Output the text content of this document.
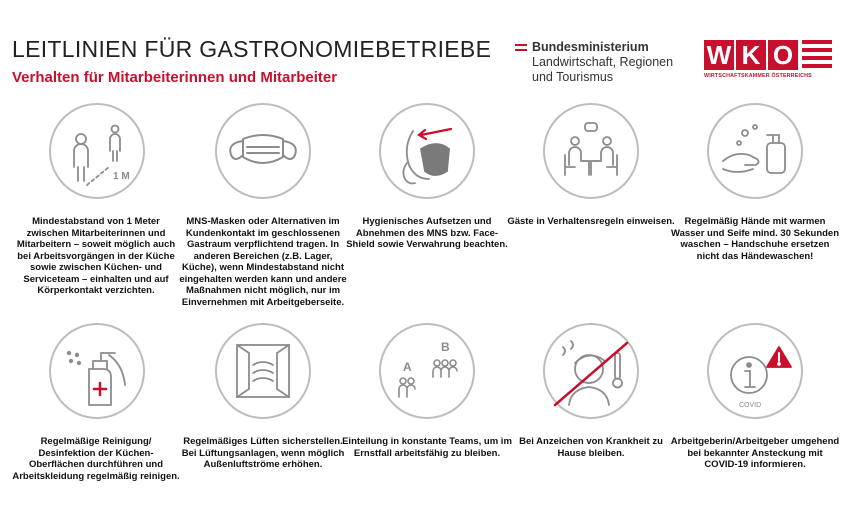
LEITLINIEN FÜR GASTRONOMIEBETRIEBE
Verhalten für Mitarbeiterinnen und Mitarbeiter
Bundesministerium
Landwirtschaft, Regionen
und Tourismus
W K O
WIRTSCHAFTSKAMMER ÖSTERREICHS
1 M
A
B
COVID
Mindestabstand von 1 Meter zwischen Mitarbeiterinnen und Mitarbeitern – soweit möglich auch bei Arbeitsvorgängen in der Küche sowie zwischen Küchen- und Serviceteam – einhalten und auf Körperkontakt verzichten.
MNS-Masken oder Alternativen im Kundenkontakt im geschlossenen Gastraum verpflichtend tragen. In anderen Bereichen (z.B. Lager, Küche), wenn Mindestabstand nicht eingehalten werden kann und andere Maßnahmen nicht möglich, nur im Einvernehmen mit Arbeitgeberseite.
Hygienisches Aufsetzen und Abnehmen des MNS bzw. Face-Shield sowie Verwahrung beachten.
Gäste in Verhaltensregeln einweisen.	Regelmäßig Hände mit warmen Wasser und Seife mind. 30 Sekunden waschen – Handschuhe ersetzen nicht das Händewaschen!
Regelmäßige Reinigung/ Desinfektion der Küchen-Oberflächen durchführen und Arbeitskleidung regelmäßig reinigen.
Regelmäßiges Lüften sicherstellen. Bei Lüftungsanlagen, wenn möglich Außenluftströme erhöhen.
Einteilung in konstante Teams, um im Ernstfall arbeitsfähig zu bleiben.
Bei Anzeichen von Krankheit zu Hause bleiben.
Arbeitgeberin/Arbeitgeber umgehend bei bekannter Ansteckung mit COVID-19 informieren.
